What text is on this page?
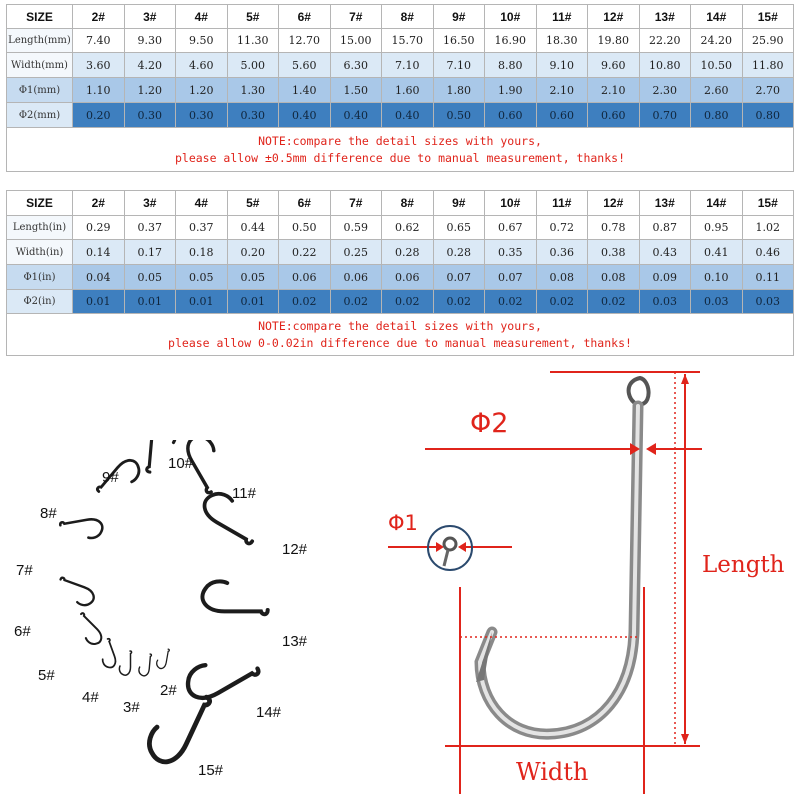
SIZE	2#	3#	4#	5#	6#	7#	8#	9#	10#	11#	12#	13#	14#	15#
Length(mm)	7.40	9.30	9.50	11.30	12.70	15.00	15.70	16.50	16.90	18.30	19.80	22.20	24.20	25.90
Width(mm)	3.60	4.20	4.60	5.00	5.60	6.30	7.10	7.10	8.80	9.10	9.60	10.80	10.50	11.80
Φ1(mm)	1.10	1.20	1.20	1.30	1.40	1.50	1.60	1.80	1.90	2.10	2.10	2.30	2.60	2.70
Φ2(mm)	0.20	0.30	0.30	0.30	0.40	0.40	0.40	0.50	0.60	0.60	0.60	0.70	0.80	0.80

NOTE:compare the detail sizes with yours,
please allow ±0.5mm difference due to manual measurement, thanks!														
SIZE	2#	3#	4#	5#	6#	7#	8#	9#	10#	11#	12#	13#	14#	15#
Length(in)	0.29	0.37	0.37	0.44	0.50	0.59	0.62	0.65	0.67	0.72	0.78	0.87	0.95	1.02
Width(in)	0.14	0.17	0.18	0.20	0.22	0.25	0.28	0.28	0.35	0.36	0.38	0.43	0.41	0.46
Φ1(in)	0.04	0.05	0.05	0.05	0.06	0.06	0.06	0.07	0.07	0.08	0.08	0.09	0.10	0.11
Φ2(in)	0.01	0.01	0.01	0.01	0.02	0.02	0.02	0.02	0.02	0.02	0.02	0.03	0.03	0.03

NOTE:compare the detail sizes with yours,
please allow 0-0.02in difference due to manual measurement, thanks!														
2#
3#
4#
5#
6#
7#
8#
9#
10#
11#
12#
13#
14#
15#
Φ2
Φ1
Length
Width
